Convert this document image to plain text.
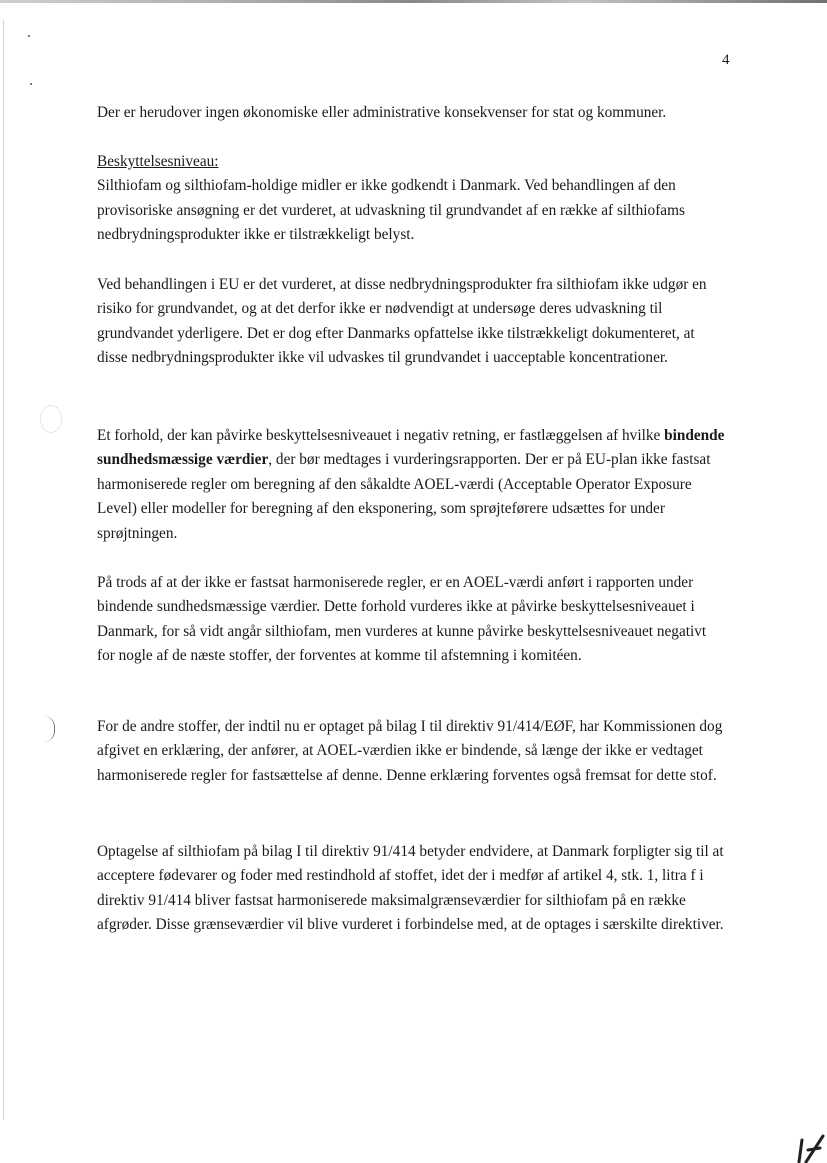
4

Der er herudover ingen økonomiske eller administrative konsekvenser for stat og kommuner.

Beskyttelsesniveau:
Silthiofam og silthiofam-holdige midler er ikke godkendt i Danmark. Ved behandlingen af den provisoriske ansøgning er det vurderet, at udvaskning til grundvandet af en række af silthiofams nedbrydningsprodukter ikke er tilstrækkeligt belyst.

Ved behandlingen i EU er det vurderet, at disse nedbrydningsprodukter fra silthiofam ikke udgør en risiko for grundvandet, og at det derfor ikke er nødvendigt at undersøge deres udvaskning til grundvandet yderligere. Det er dog efter Danmarks opfattelse ikke tilstrækkeligt dokumenteret, at disse nedbrydningsprodukter ikke vil udvaskes til grundvandet i uacceptable koncentrationer.

Et forhold, der kan påvirke beskyttelsesniveauet i negativ retning, er fastlæggelsen af hvilke bindende sundhedsmæssige værdier, der bør medtages i vurderingsrapporten. Der er på EU-plan ikke fastsat harmoniserede regler om beregning af den såkaldte AOEL-værdi (Acceptable Operator Exposure Level) eller modeller for beregning af den eksponering, som sprøjteførere udsættes for under sprøjtningen.

På trods af at der ikke er fastsat harmoniserede regler, er en AOEL-værdi anført i rapporten under bindende sundhedsmæssige værdier. Dette forhold vurderes ikke at påvirke beskyttelsesniveauet i Danmark, for så vidt angår silthiofam, men vurderes at kunne påvirke beskyttelsesniveauet negativt for nogle af de næste stoffer, der forventes at komme til afstemning i komitéen.

For de andre stoffer, der indtil nu er optaget på bilag I til direktiv 91/414/EØF, har Kommissionen dog afgivet en erklæring, der anfører, at AOEL-værdien ikke er bindende, så længe der ikke er vedtaget harmoniserede regler for fastsættelse af denne. Denne erklæring forventes også fremsat for dette stof.

Optagelse af silthiofam på bilag I til direktiv 91/414 betyder endvidere, at Danmark forpligter sig til at acceptere fødevarer og foder med restindhold af stoffet, idet der i medfør af artikel 4, stk. 1, litra f i direktiv 91/414 bliver fastsat harmoniserede maksimalgrænseværdier for silthiofam på en række afgrøder. Disse grænseværdier vil blive vurderet i forbindelse med, at de optages i særskilte direktiver.
